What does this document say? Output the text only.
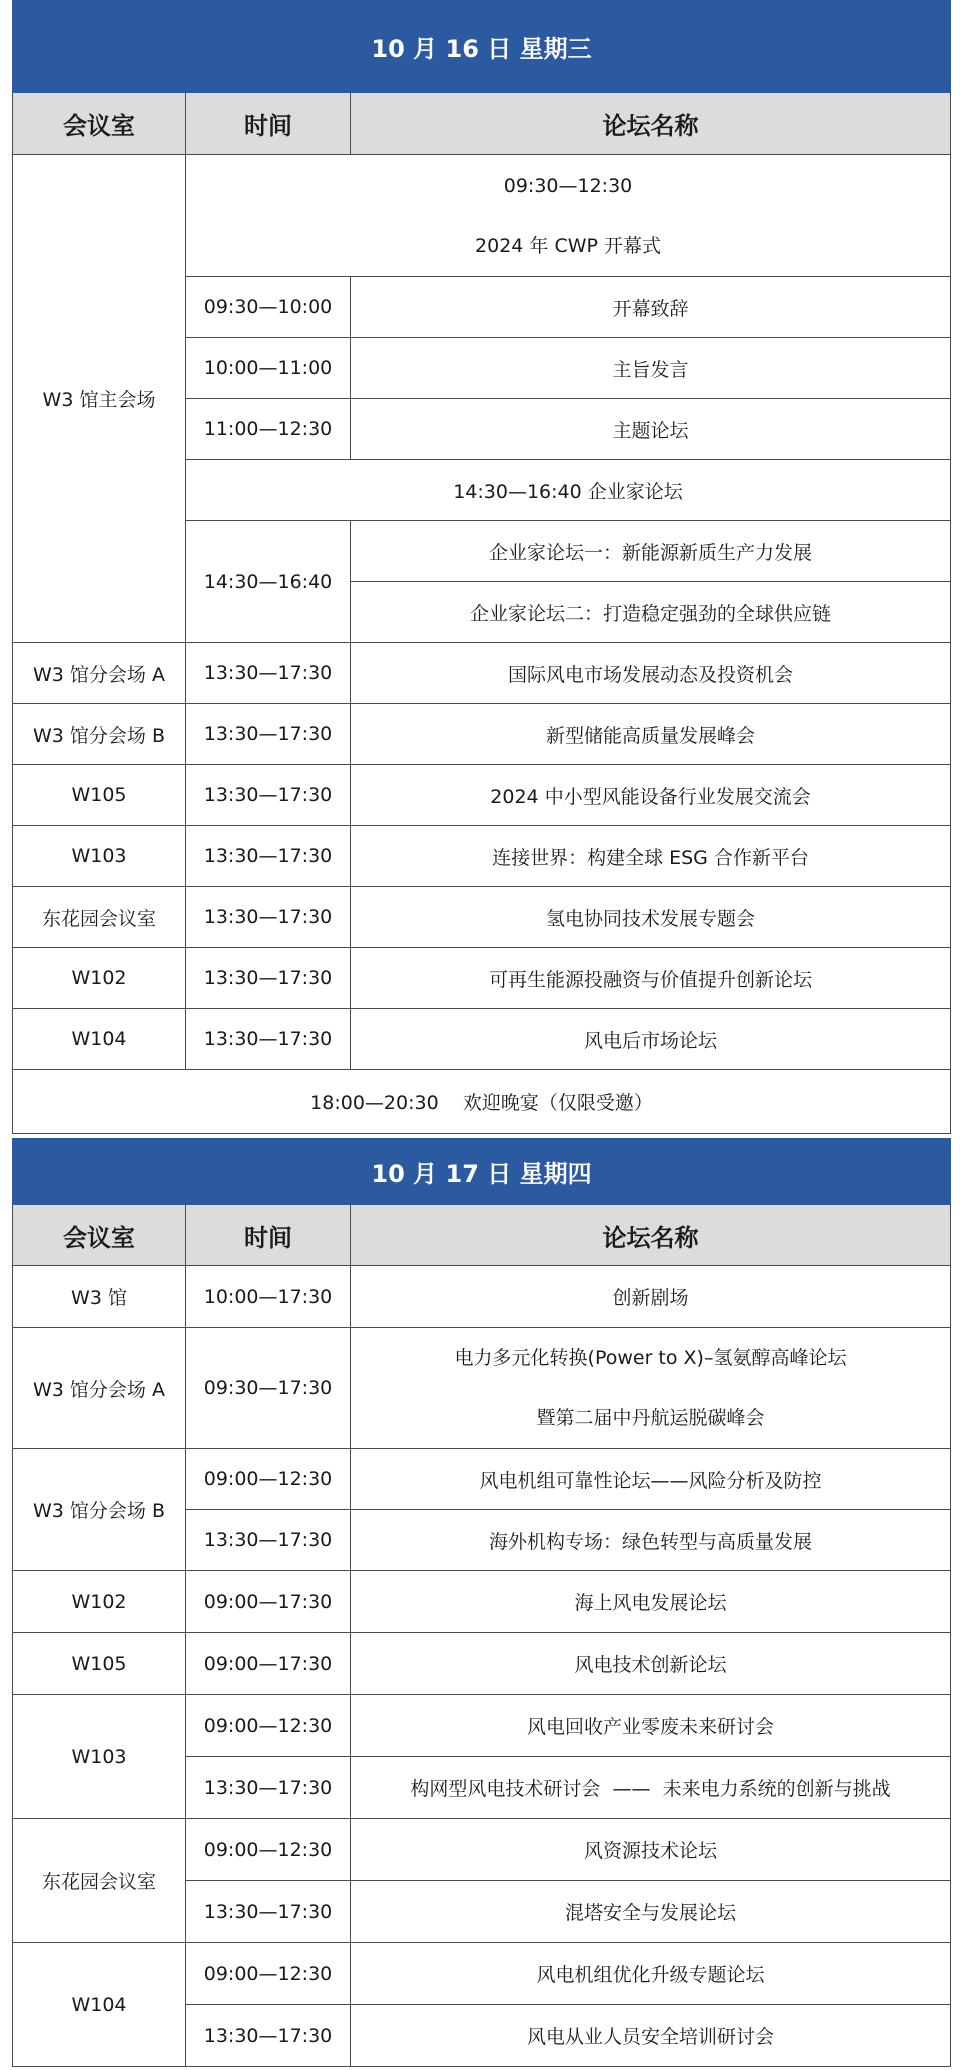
10 月 16 日 星期三		
会议室	时间	论坛名称
W3 馆主会场	09:30—12:30
2024 年 CWP 开幕式	

	09:30—10:00	开幕致辞
	10:00—11:00	主旨发言
	11:00—12:30	主题论坛
	14:30—16:40 企业家论坛	
	14:30—16:40	企业家论坛一：新能源新质生产力发展
		企业家论坛二：打造稳定强劲的全球供应链
W3 馆分会场 A	13:30—17:30	国际风电市场发展动态及投资机会
W3 馆分会场 B	13:30—17:30	新型储能高质量发展峰会
W105	13:30—17:30	2024 中小型风能设备行业发展交流会
W103	13:30—17:30	连接世界：构建全球 ESG 合作新平台
东花园会议室	13:30—17:30	氢电协同技术发展专题会
W102	13:30—17:30	可再生能源投融资与价值提升创新论坛
W104	13:30—17:30	风电后市场论坛
18:00—20:30    欢迎晚宴（仅限受邀）		
10 月 17 日 星期四		
会议室	时间	论坛名称
W3 馆	10:00—17:30	创新剧场
W3 馆分会场 A	09:30—17:30	电力多元化转换(Power to X)–氢氨醇高峰论坛
暨第二届中丹航运脱碳峰会

W3 馆分会场 B	09:00—12:30	风电机组可靠性论坛——风险分析及防控
	13:30—17:30	海外机构专场：绿色转型与高质量发展
W102	09:00—17:30	海上风电发展论坛
W105	09:00—17:30	风电技术创新论坛
W103	09:00—12:30	风电回收产业零废未来研讨会
	13:30—17:30	构网型风电技术研讨会  ——  未来电力系统的创新与挑战
东花园会议室	09:00—12:30	风资源技术论坛
	13:30—17:30	混塔安全与发展论坛
W104	09:00—12:30	风电机组优化升级专题论坛
	13:30—17:30	风电从业人员安全培训研讨会
